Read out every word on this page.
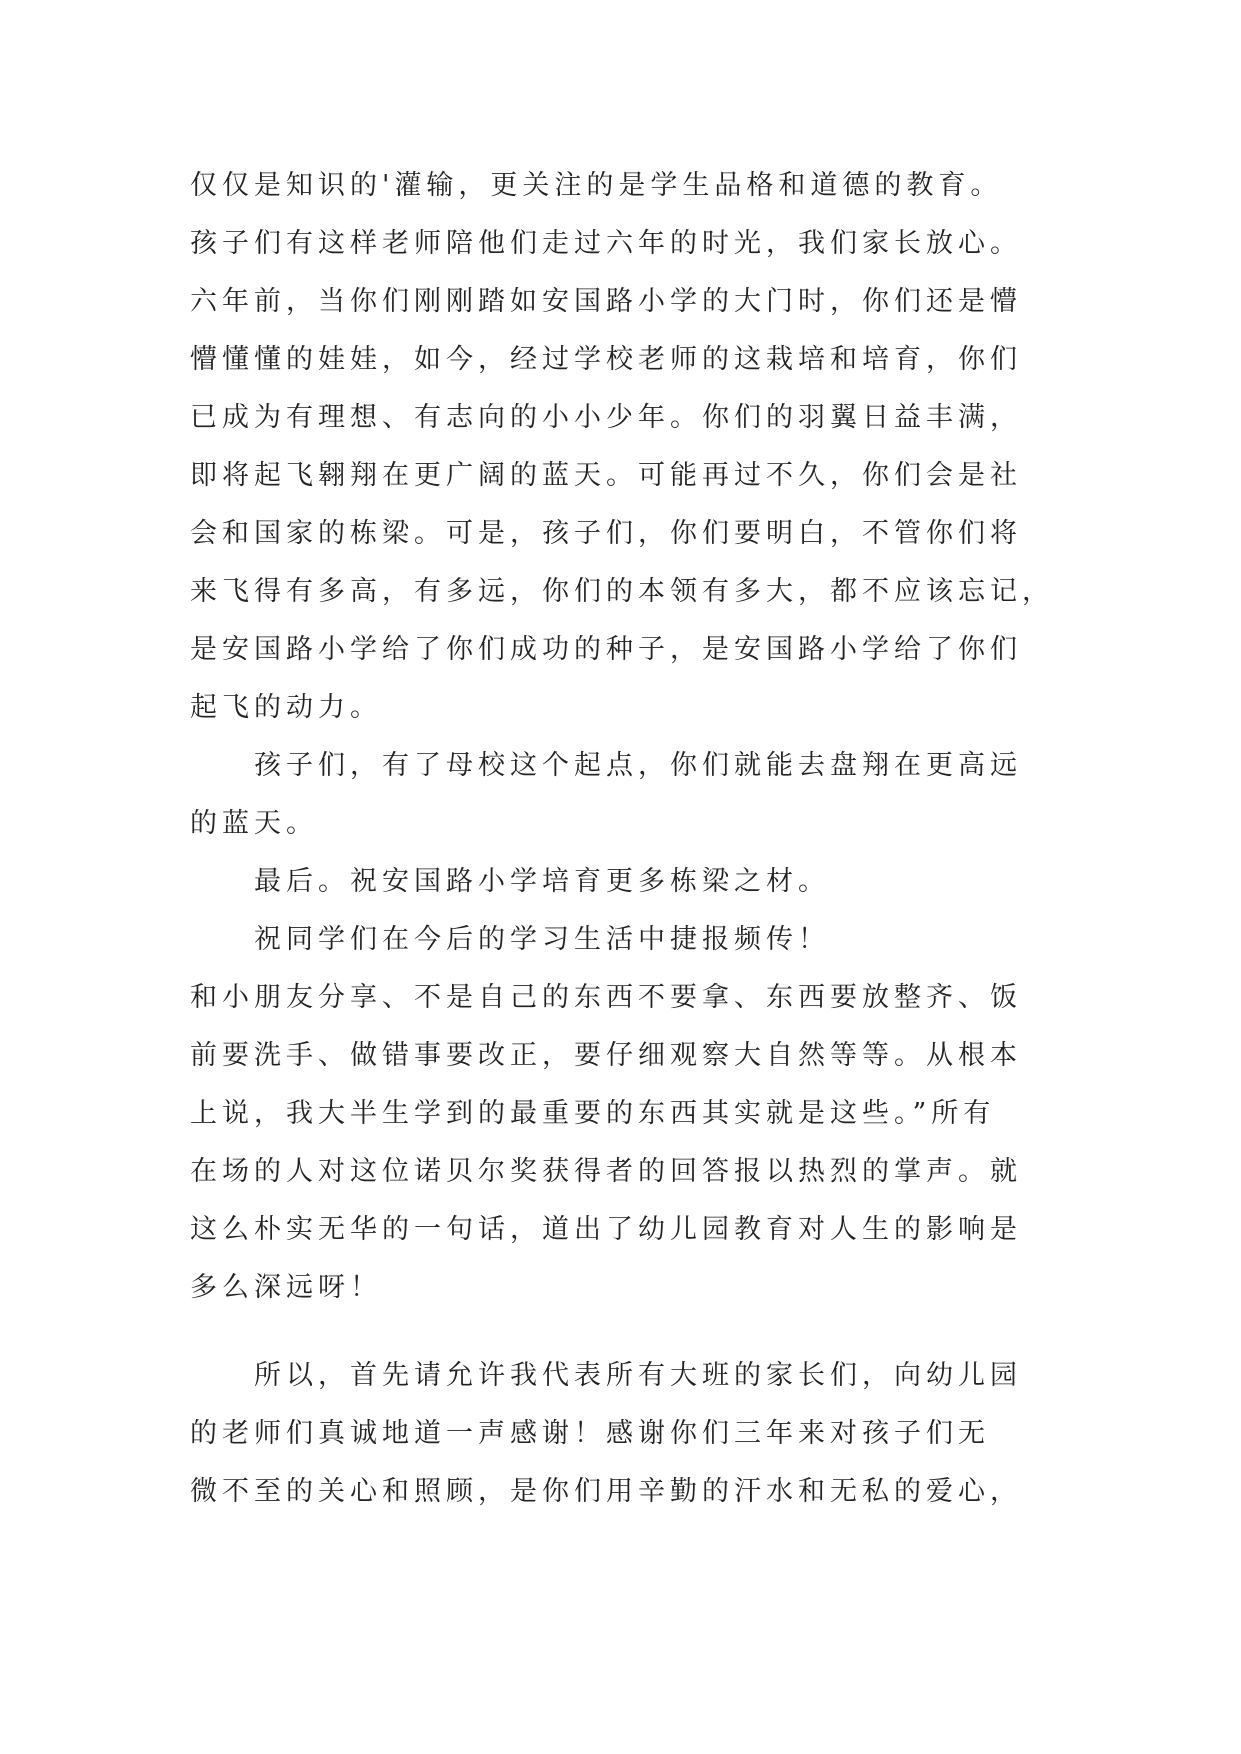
仅仅是知识的'灌输，更关注的是学生品格和道德的教育。
孩子们有这样老师陪他们走过六年的时光，我们家长放心。
六年前，当你们刚刚踏如安国路小学的大门时，你们还是懵
懵懂懂的娃娃，如今，经过学校老师的这栽培和培育，你们
已成为有理想、有志向的小小少年。你们的羽翼日益丰满，
即将起飞翱翔在更广阔的蓝天。可能再过不久，你们会是社
会和国家的栋梁。可是，孩子们，你们要明白，不管你们将
来飞得有多高，有多远，你们的本领有多大，都不应该忘记，
是安国路小学给了你们成功的种子，是安国路小学给了你们
起飞的动力。
孩子们，有了母校这个起点，你们就能去盘翔在更高远
的蓝天。
最后。祝安国路小学培育更多栋梁之材。
祝同学们在今后的学习生活中捷报频传！
和小朋友分享、不是自己的东西不要拿、东西要放整齐、饭
前要洗手、做错事要改正，要仔细观察大自然等等。从根本
上说，我大半生学到的最重要的东西其实就是这些。”所有
在场的人对这位诺贝尔奖获得者的回答报以热烈的掌声。就
这么朴实无华的一句话，道出了幼儿园教育对人生的影响是
多么深远呀！
所以，首先请允许我代表所有大班的家长们，向幼儿园
的老师们真诚地道一声感谢！感谢你们三年来对孩子们无
微不至的关心和照顾，是你们用辛勤的汗水和无私的爱心，
